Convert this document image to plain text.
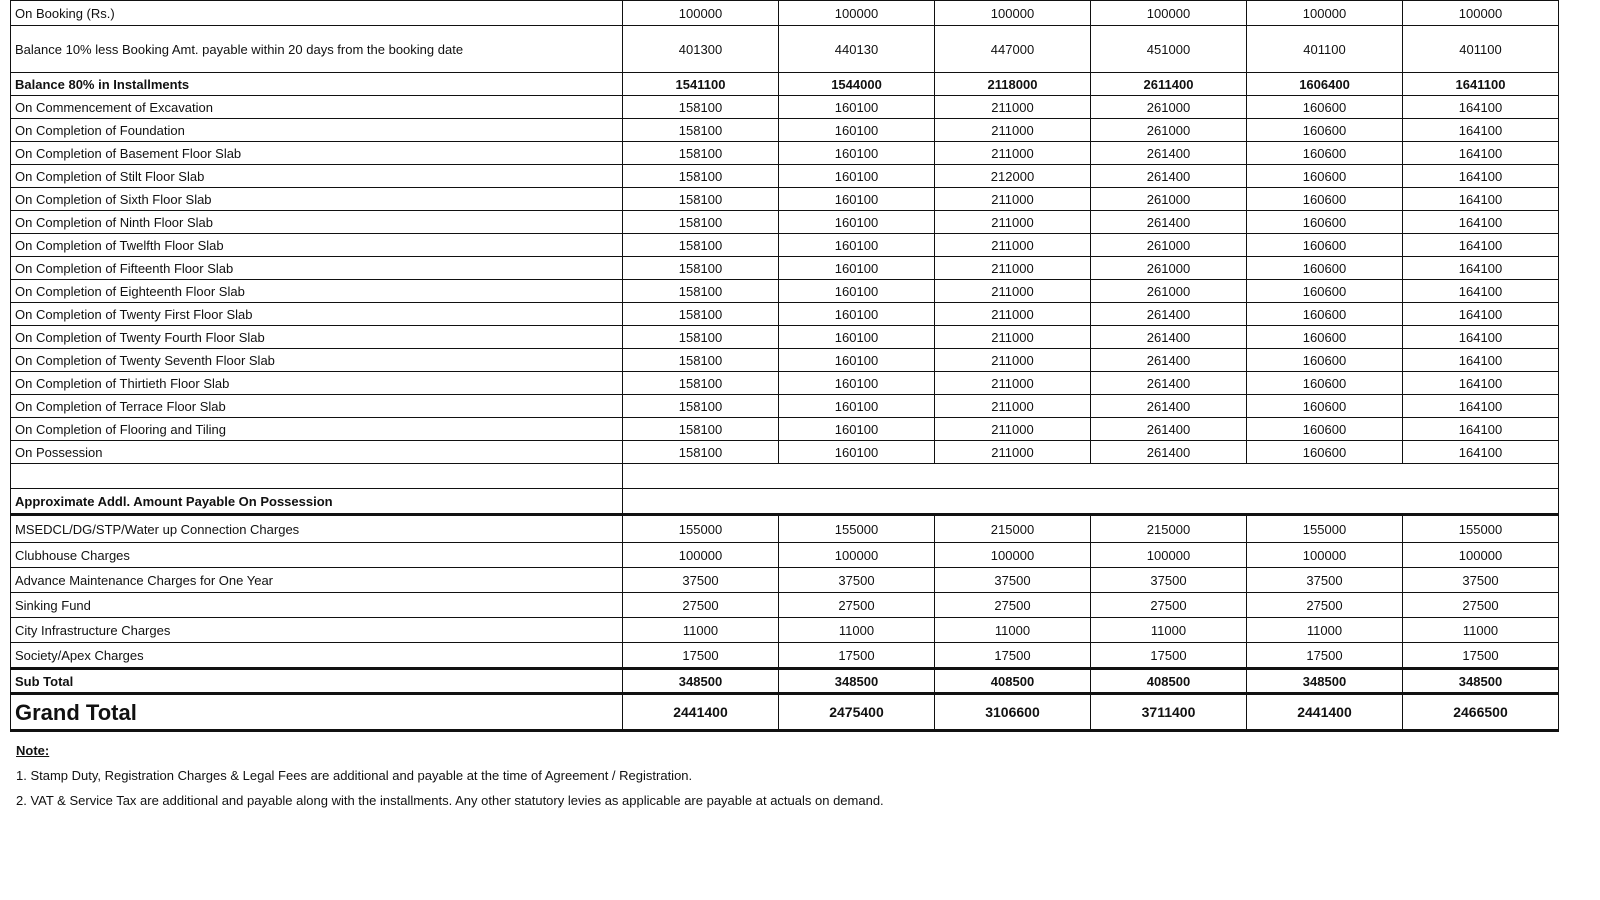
On Booking (Rs.)	100000	100000	100000	100000	100000	100000
Balance 10% less Booking Amt. payable within 20 days from the booking date	401300	440130	447000	451000	401100	401100
Balance 80% in Installments	1541100	1544000	2118000	2611400	1606400	1641100
On Commencement of Excavation	158100	160100	211000	261000	160600	164100
On Completion of Foundation	158100	160100	211000	261000	160600	164100
On Completion of Basement Floor Slab	158100	160100	211000	261400	160600	164100
On Completion of Stilt Floor Slab	158100	160100	212000	261400	160600	164100
On Completion of Sixth Floor Slab	158100	160100	211000	261000	160600	164100
On Completion of Ninth Floor Slab	158100	160100	211000	261400	160600	164100
On Completion of Twelfth Floor Slab	158100	160100	211000	261000	160600	164100
On Completion of Fifteenth Floor Slab	158100	160100	211000	261000	160600	164100
On Completion of Eighteenth Floor Slab	158100	160100	211000	261000	160600	164100
On Completion of Twenty First Floor Slab	158100	160100	211000	261400	160600	164100
On Completion of Twenty Fourth Floor Slab	158100	160100	211000	261400	160600	164100
On Completion of Twenty Seventh Floor Slab	158100	160100	211000	261400	160600	164100
On Completion of Thirtieth Floor Slab	158100	160100	211000	261400	160600	164100
On Completion of Terrace Floor Slab	158100	160100	211000	261400	160600	164100
On Completion of Flooring and Tiling	158100	160100	211000	261400	160600	164100
On Possession	158100	160100	211000	261400	160600	164100

Approximate Addl. Amount Payable On Possession						
MSEDCL/DG/STP/Water up Connection Charges	155000	155000	215000	215000	155000	155000
Clubhouse Charges	100000	100000	100000	100000	100000	100000
Advance Maintenance Charges for One Year	37500	37500	37500	37500	37500	37500
Sinking Fund	27500	27500	27500	27500	27500	27500
City Infrastructure Charges	11000	11000	11000	11000	11000	11000
Society/Apex Charges	17500	17500	17500	17500	17500	17500
Sub Total	348500	348500	408500	408500	348500	348500
Grand Total	2441400	2475400	3106600	3711400	2441400	2466500
Note:
1. Stamp Duty, Registration Charges & Legal Fees are additional and payable at the time of Agreement / Registration.
2. VAT & Service Tax are additional and payable along with the installments. Any other statutory levies as applicable are payable at actuals on demand.
